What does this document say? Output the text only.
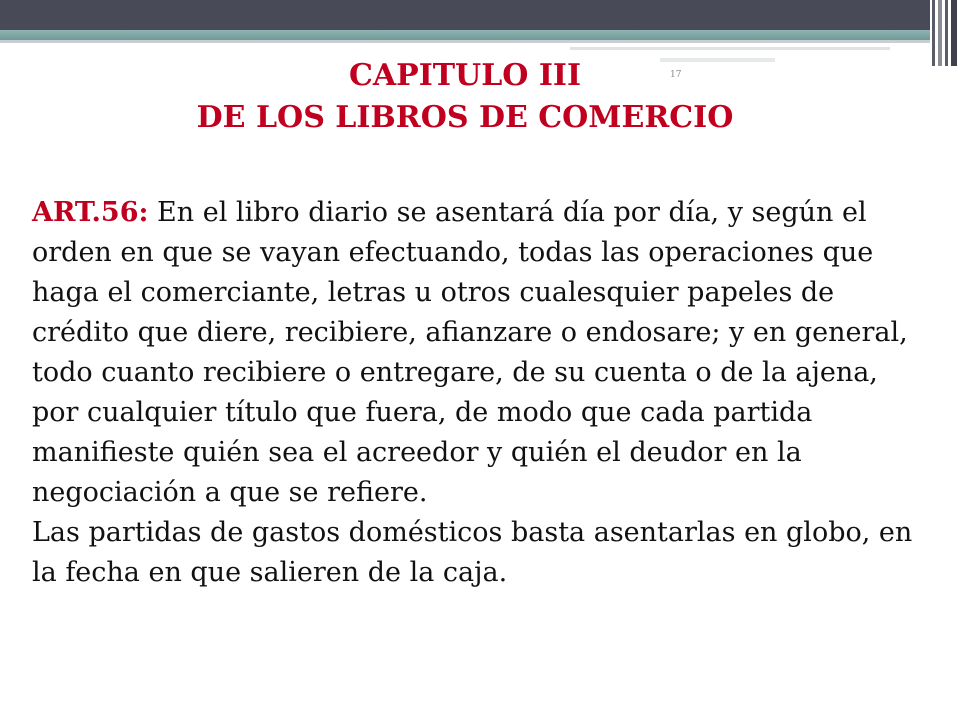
17
CAPITULO III
DE LOS LIBROS DE COMERCIO

ART.56: En el libro diario se asentará día por día, y según el orden en que se vayan efectuando, todas las operaciones que haga el comerciante, letras u otros cualesquier papeles de crédito que diere, recibiere, afianzare o endosare; y en general, todo cuanto recibiere o entregare, de su cuenta o de la ajena, por cualquier título que fuera, de modo que cada partida manifieste quién sea el acreedor y quién el deudor en la negociación a que se refiere.

Las partidas de gastos domésticos basta asentarlas en globo, en la fecha en que salieren de la caja.
